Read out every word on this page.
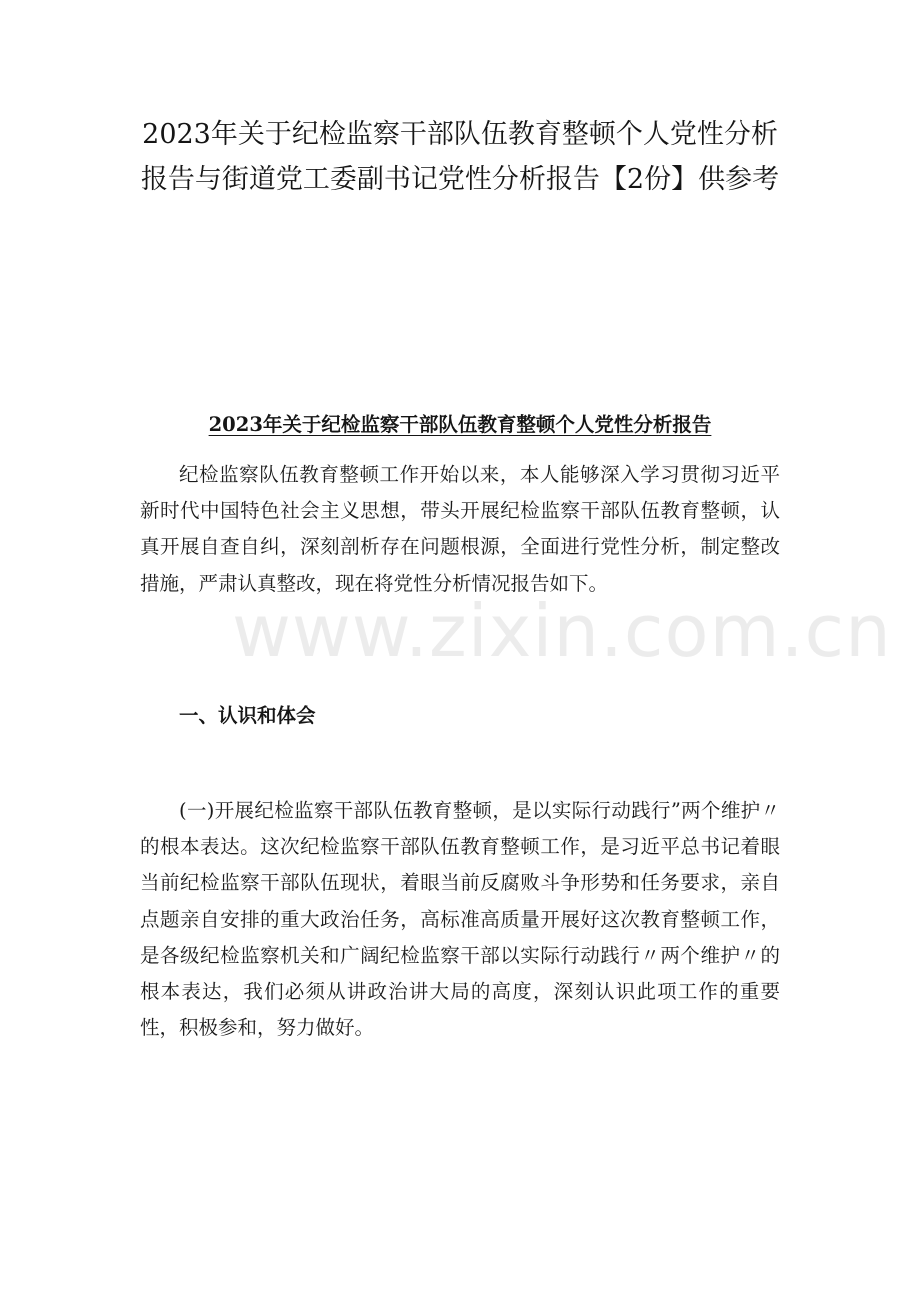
2023年关于纪检监察干部队伍教育整顿个人党性分析报告与街道党工委副书记党性分析报告【2份】供参考
2023年关于纪检监察干部队伍教育整顿个人党性分析报告

纪检监察队伍教育整顿工作开始以来，本人能够深入学习贯彻习近平新时代中国特色社会主义思想，带头开展纪检监察干部队伍教育整顿，认真开展自查自纠，深刻剖析存在问题根源，全面进行党性分析，制定整改措施，严肃认真整改，现在将党性分析情况报告如下。

www.zixin.com.cn
一、认识和体会

(一)开展纪检监察干部队伍教育整顿，是以实际行动践行”两个维护〃的根本表达。这次纪检监察干部队伍教育整顿工作，是习近平总书记着眼当前纪检监察干部队伍现状，着眼当前反腐败斗争形势和任务要求，亲自点题亲自安排的重大政治任务，高标准高质量开展好这次教育整顿工作，是各级纪检监察机关和广阔纪检监察干部以实际行动践行〃两个维护〃的根本表达，我们必须从讲政治讲大局的高度，深刻认识此项工作的重要性，积极参和，努力做好。
